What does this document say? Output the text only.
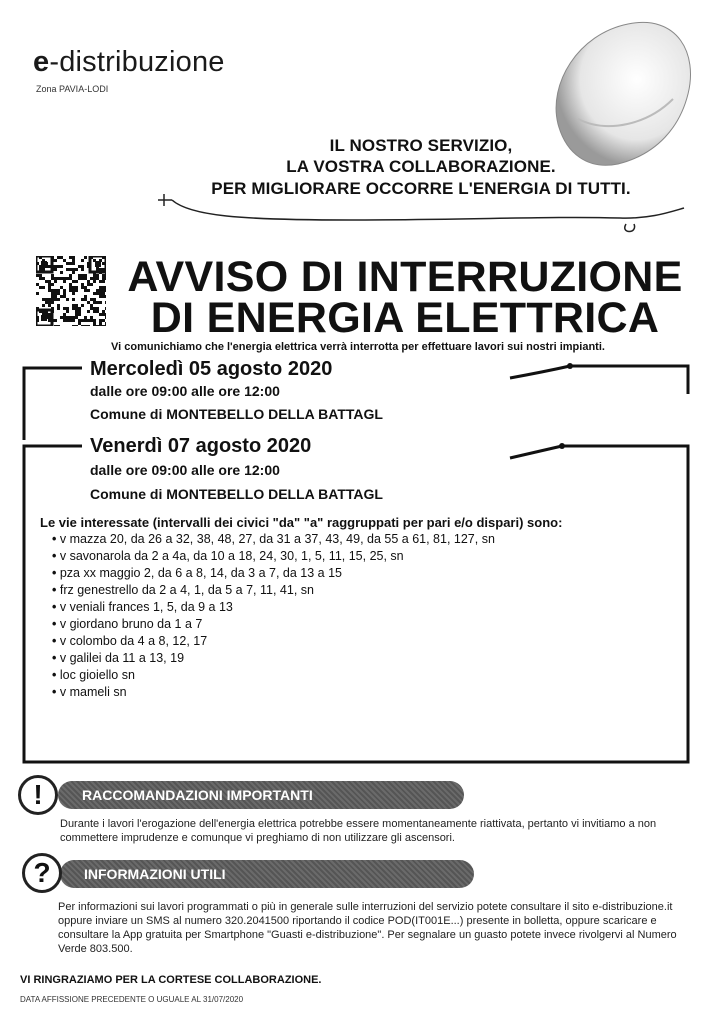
e-distribuzione
Zona PAVIA-LODI
IL NOSTRO SERVIZIO,
LA VOSTRA COLLABORAZIONE.
PER MIGLIORARE OCCORRE L'ENERGIA DI TUTTI.
AVVISO DI INTERRUZIONE
DI ENERGIA ELETTRICA
Vi comunichiamo che l'energia elettrica verrà interrotta per effettuare lavori sui nostri impianti.
Mercoledì 05 agosto 2020
dalle ore 09:00 alle ore 12:00
Comune di MONTEBELLO DELLA BATTAGL
Venerdì 07 agosto 2020
dalle ore 09:00 alle ore 12:00
Comune di MONTEBELLO DELLA BATTAGL
Le vie interessate (intervalli dei civici "da" "a" raggruppati per pari e/o dispari) sono:
• v mazza 20, da 26 a 32, 38, 48, 27, da 31 a 37, 43, 49, da 55 a 61, 81, 127, sn
• v savonarola da 2 a 4a, da 10 a 18, 24, 30, 1, 5, 11, 15, 25, sn
• pza xx maggio 2, da 6 a 8, 14, da 3 a 7, da 13 a 15
• frz genestrello da 2 a 4, 1, da 5 a 7, 11, 41, sn
• v veniali frances 1, 5, da 9 a 13
• v giordano bruno da 1 a 7
• v colombo da 4 a 8, 12, 17
• v galilei da 11 a 13, 19
• loc gioiello sn
• v mameli sn
RACCOMANDAZIONI IMPORTANTI
!
Durante i lavori l'erogazione dell'energia elettrica potrebbe essere momentaneamente riattivata, pertanto vi invitiamo a non commettere imprudenze e comunque vi preghiamo di non utilizzare gli ascensori.
INFORMAZIONI UTILI
?
Per informazioni sui lavori programmati o più in generale sulle interruzioni del servizio potete consultare il sito e-distribuzione.it oppure inviare un SMS al numero 320.2041500 riportando il codice POD(IT001E...) presente in bolletta, oppure scaricare e consultare la App gratuita per Smartphone "Guasti e-distribuzione". Per segnalare un guasto potete invece rivolgervi al Numero Verde 803.500.
VI RINGRAZIAMO PER LA CORTESE COLLABORAZIONE.
DATA AFFISSIONE PRECEDENTE O UGUALE AL 31/07/2020
